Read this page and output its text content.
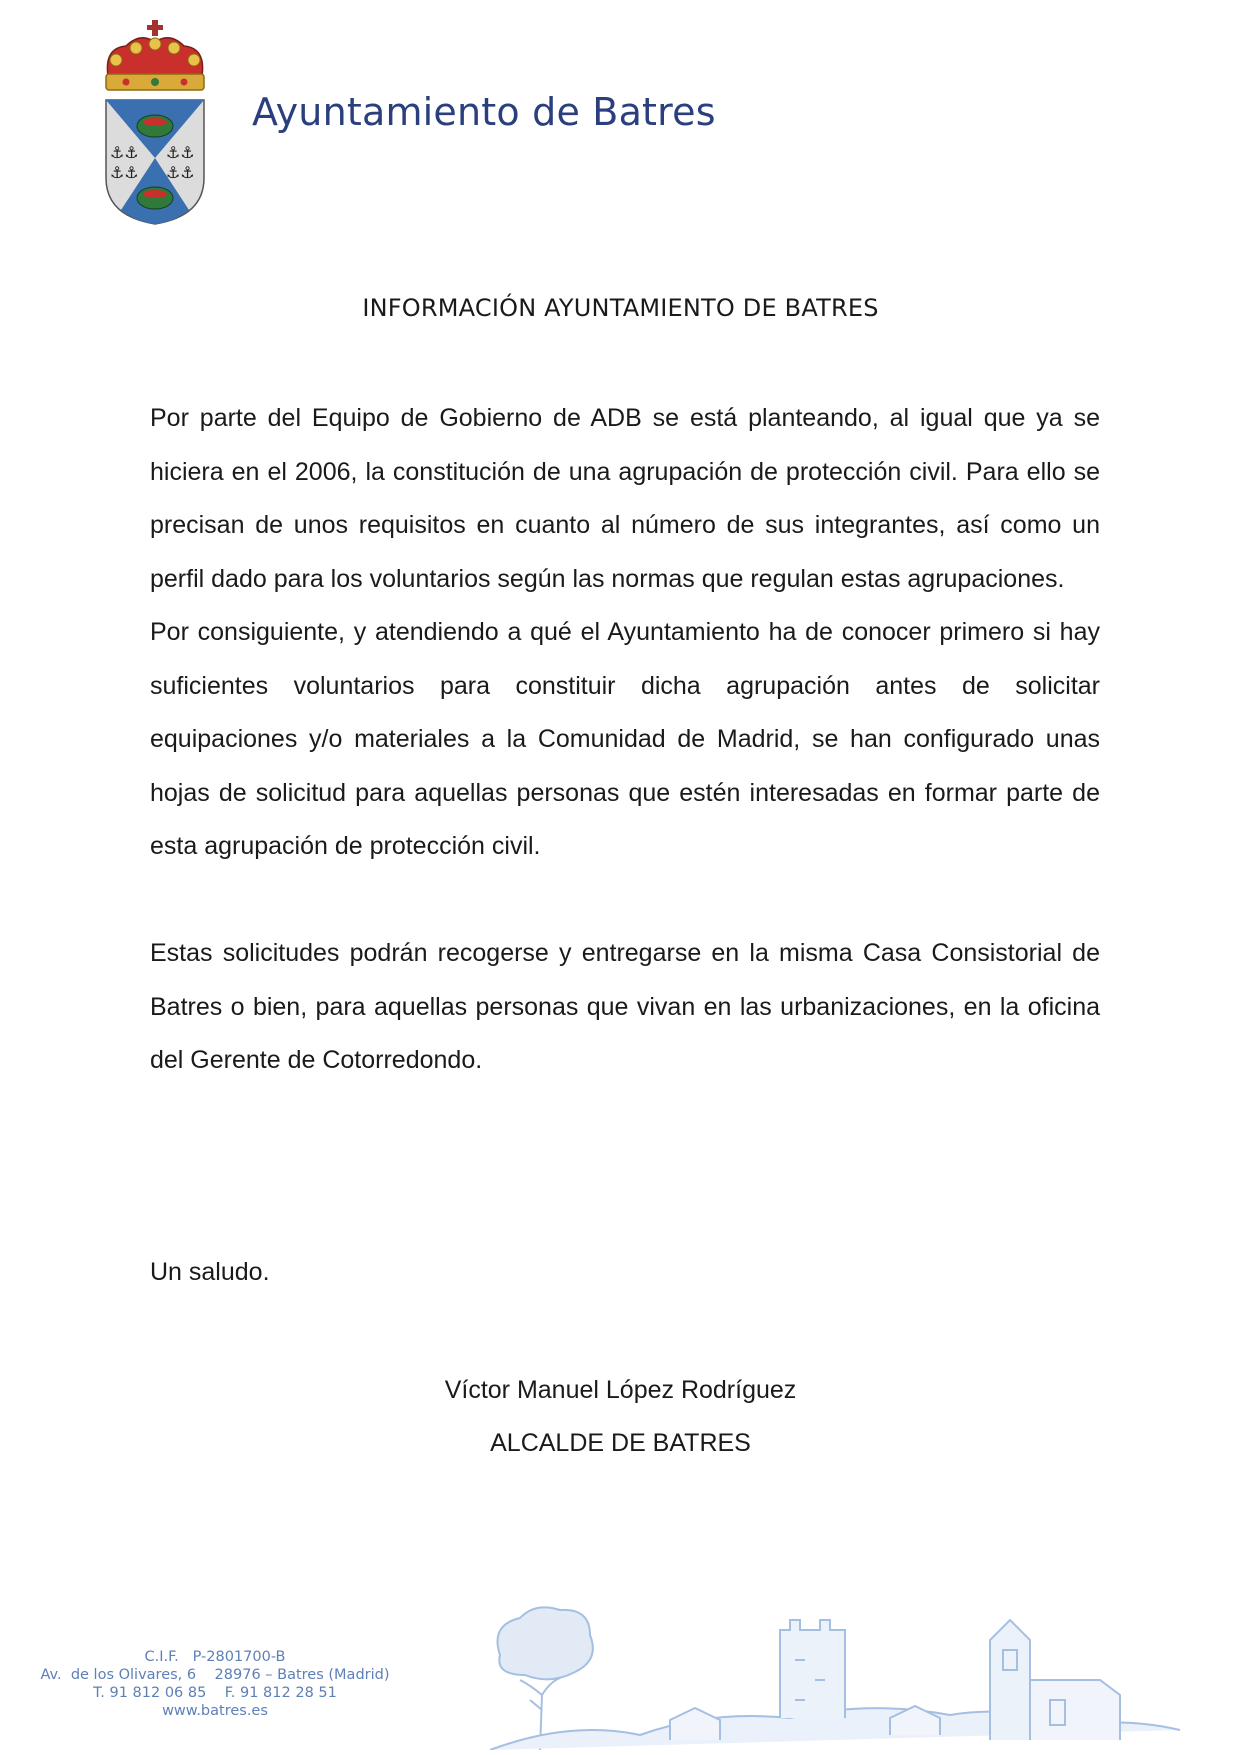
⚓⚓
⚓⚓
⚓⚓
⚓⚓
Ayuntamiento de Batres
INFORMACIÓN AYUNTAMIENTO DE BATRES

Por parte del Equipo de Gobierno de ADB se está planteando, al igual que ya se hiciera en el 2006, la constitución de una agrupación de protección civil. Para ello se precisan de unos requisitos en cuanto al número de sus integrantes, así como un perfil dado para los voluntarios según las normas que regulan estas agrupaciones.

Por consiguiente, y atendiendo a qué el Ayuntamiento ha de conocer primero si hay suficientes voluntarios para constituir dicha agrupación antes de solicitar equipaciones y/o materiales a la Comunidad de Madrid, se han configurado unas hojas de solicitud para aquellas personas que estén interesadas en formar parte de esta agrupación de protección civil.

Estas solicitudes podrán recogerse y entregarse en la misma Casa Consistorial de Batres o bien, para aquellas personas que vivan en las urbanizaciones, en la oficina del Gerente de Cotorredondo.

Un saludo.
Víctor Manuel López Rodríguez
ALCALDE DE BATRES
C.I.F.   P-2801700-B
Av.  de los Olivares, 6    28976 – Batres (Madrid)
T. 91 812 06 85    F. 91 812 28 51
www.batres.es
